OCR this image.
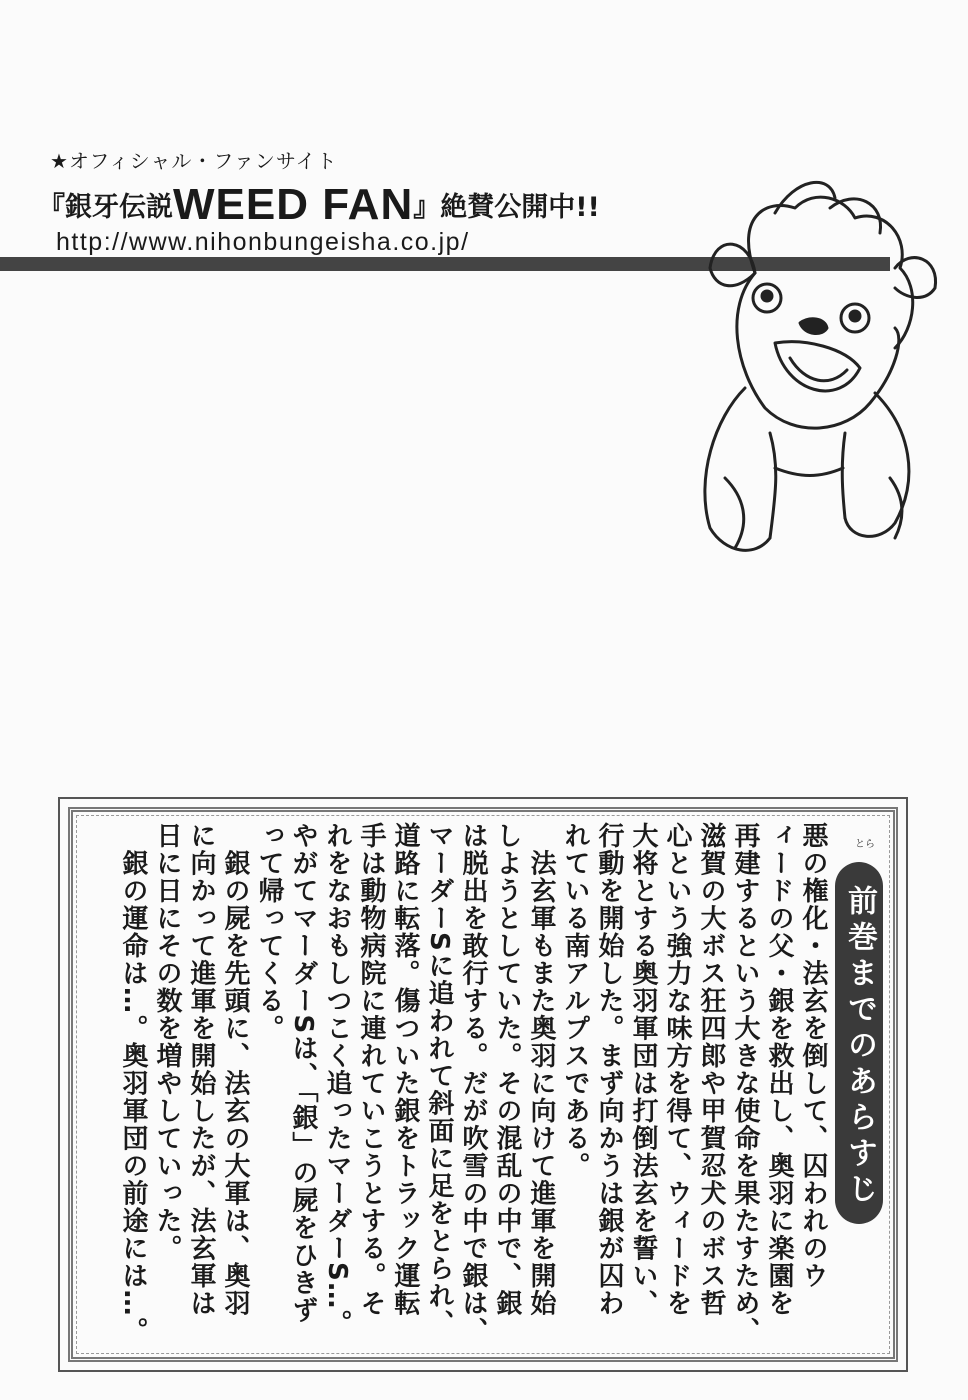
★オフィシャル・ファンサイト
『銀牙伝説WEED FAN』絶賛公開中!!
http://www.nihonbungeisha.co.jp/
前巻までのあらすじ
とら
悪の権化・法玄を倒して、囚われのウ
ィードの父・銀を救出し、奥羽に楽園を
再建するという大きな使命を果たすため、
滋賀の大ボス狂四郎や甲賀忍犬のボス哲
心という強力な味方を得て、ウィードを
大将とする奥羽軍団は打倒法玄を誓い、
行動を開始した。まず向かうは銀が囚わ
れている南アルプスである。
　法玄軍もまた奥羽に向けて進軍を開始
しようとしていた。その混乱の中で、銀
は脱出を敢行する。だが吹雪の中で銀は、
マーダーSに追われて斜面に足をとられ、
道路に転落。傷ついた銀をトラック運転
手は動物病院に連れていこうとする。そ
れをなおもしつこく追ったマーダーS…。
やがてマーダーSは、「銀」の屍をひきず
って帰ってくる。
　銀の屍を先頭に、法玄の大軍は、奥羽
に向かって進軍を開始したが、法玄軍は
日に日にその数を増やしていった。
　銀の運命は…。奥羽軍団の前途には…。
